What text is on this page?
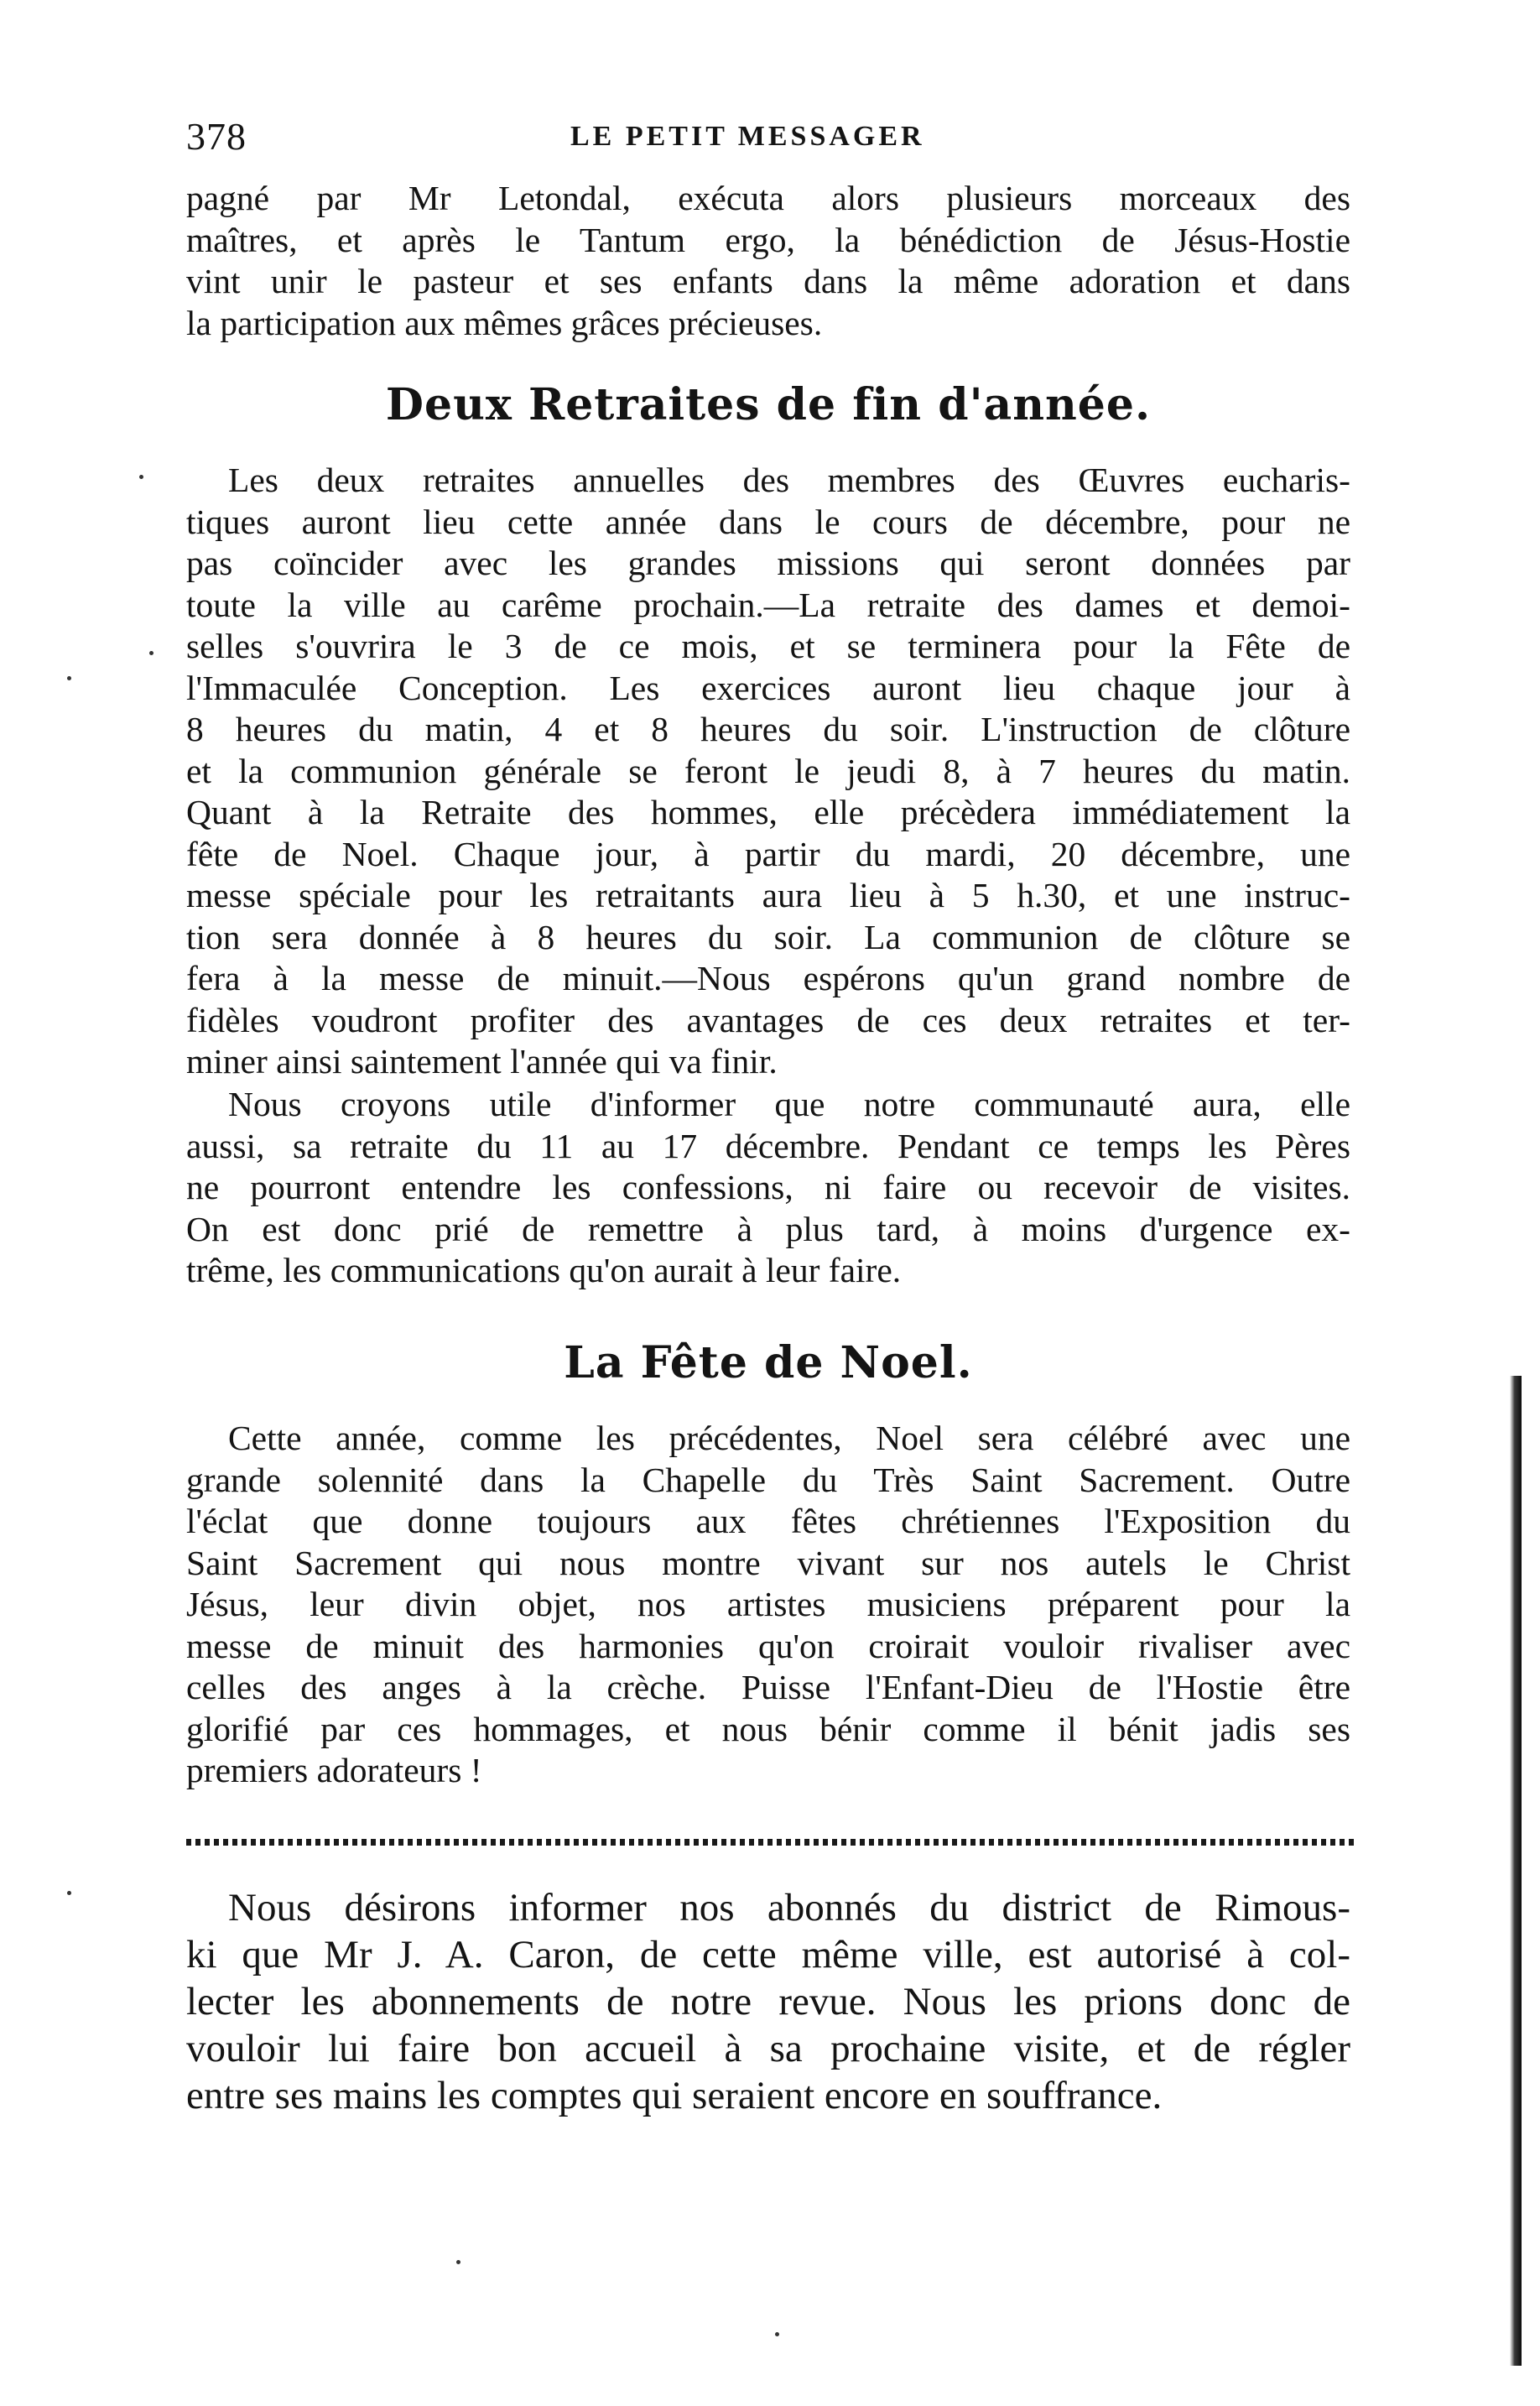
378	LE PETIT MESSAGER

pagné par Mr Letondal, exécuta alors plusieurs morceaux des
maîtres, et après le Tantum ergo, la bénédiction de Jésus-Hostie
vint unir le pasteur et ses enfants dans la même adoration et dans
la participation aux mêmes grâces précieuses.

Deux Retraites de fin d'année.

Les deux retraites annuelles des membres des Œuvres eucharis-
tiques auront lieu cette année dans le cours de décembre, pour ne
pas coïncider avec les grandes missions qui seront données par
toute la ville au carême prochain.—La retraite des dames et demoi-
selles s'ouvrira le 3 de ce mois, et se terminera pour la Fête de
l'Immaculée Conception. Les exercices auront lieu chaque jour à
8 heures du matin, 4 et 8 heures du soir. L'instruction de clôture
et la communion générale se feront le jeudi 8, à 7 heures du matin.
Quant à la Retraite des hommes, elle précèdera immédiatement la
fête de Noel. Chaque jour, à partir du mardi, 20 décembre, une
messe spéciale pour les retraitants aura lieu à 5 h.30, et une instruc-
tion sera donnée à 8 heures du soir. La communion de clôture se
fera à la messe de minuit.—Nous espérons qu'un grand nombre de
fidèles voudront profiter des avantages de ces deux retraites et ter-
miner ainsi saintement l'année qui va finir.

Nous croyons utile d'informer que notre communauté aura, elle
aussi, sa retraite du 11 au 17 décembre. Pendant ce temps les Pères
ne pourront entendre les confessions, ni faire ou recevoir de visites.
On est donc prié de remettre à plus tard, à moins d'urgence ex-
trême, les communications qu'on aurait à leur faire.

La Fête de Noel.

Cette année, comme les précédentes, Noel sera célébré avec une
grande solennité dans la Chapelle du Très Saint Sacrement. Outre
l'éclat que donne toujours aux fêtes chrétiennes l'Exposition du
Saint Sacrement qui nous montre vivant sur nos autels le Christ
Jésus, leur divin objet, nos artistes musiciens préparent pour la
messe de minuit des harmonies qu'on croirait vouloir rivaliser avec
celles des anges à la crèche. Puisse l'Enfant-Dieu de l'Hostie être
glorifié par ces hommages, et nous bénir comme il bénit jadis ses
premiers adorateurs !

Nous désirons informer nos abonnés du district de Rimous-
ki que Mr J. A. Caron, de cette même ville, est autorisé à col-
lecter les abonnements de notre revue. Nous les prions donc de
vouloir lui faire bon accueil à sa prochaine visite, et de régler
entre ses mains les comptes qui seraient encore en souffrance.
